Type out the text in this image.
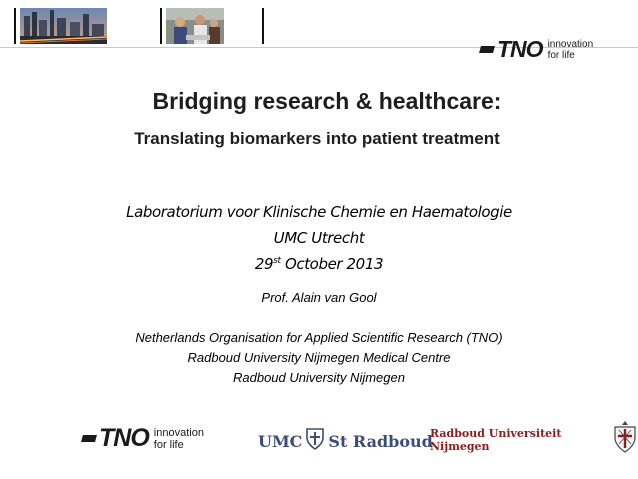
TNO innovation
for life
Bridging research & healthcare:
Translating biomarkers into patient treatment
Laboratorium voor Klinische Chemie en Haematologie
UMC Utrecht
29st October 2013
Prof. Alain van Gool
Netherlands Organisation for Applied Scientific Research (TNO)
Radboud University Nijmegen Medical Centre
Radboud University Nijmegen
TNO innovation
for life	UMC St Radboud
Radboud Universiteit Nijmegen
